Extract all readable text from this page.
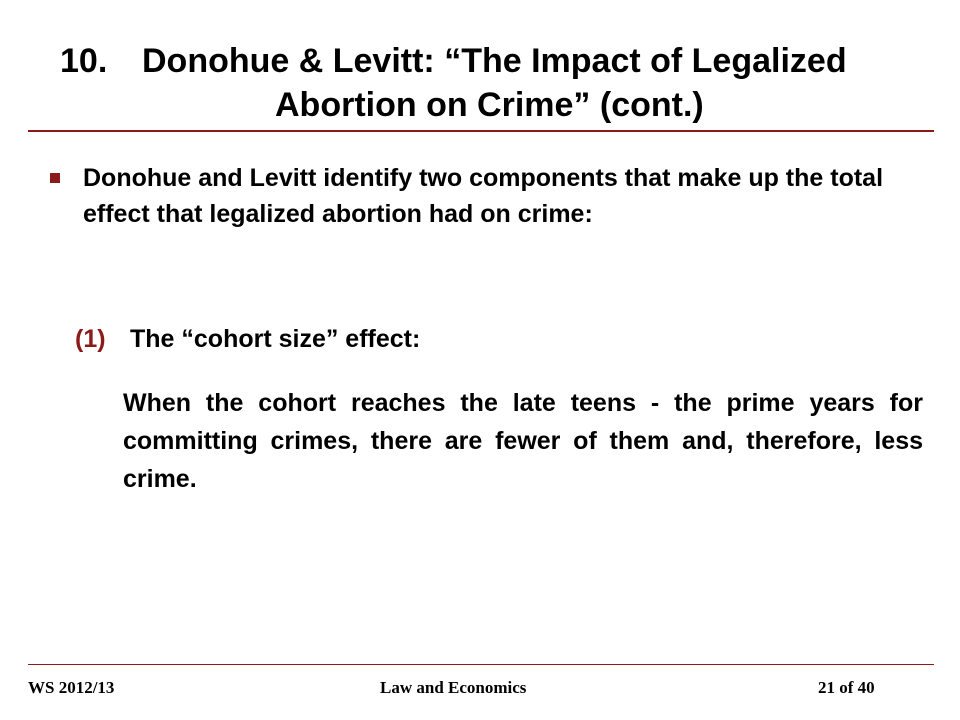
10. Donohue & Levitt: “The Impact of Legalized
Abortion on Crime” (cont.)
Donohue and Levitt identify two components that make up the total effect that legalized abortion had on crime:
(1) The “cohort size” effect:
When the cohort reaches the late teens - the prime years for committing crimes, there are fewer of them and, therefore, less crime.
WS 2012/13	Law and Economics	21 of 40
